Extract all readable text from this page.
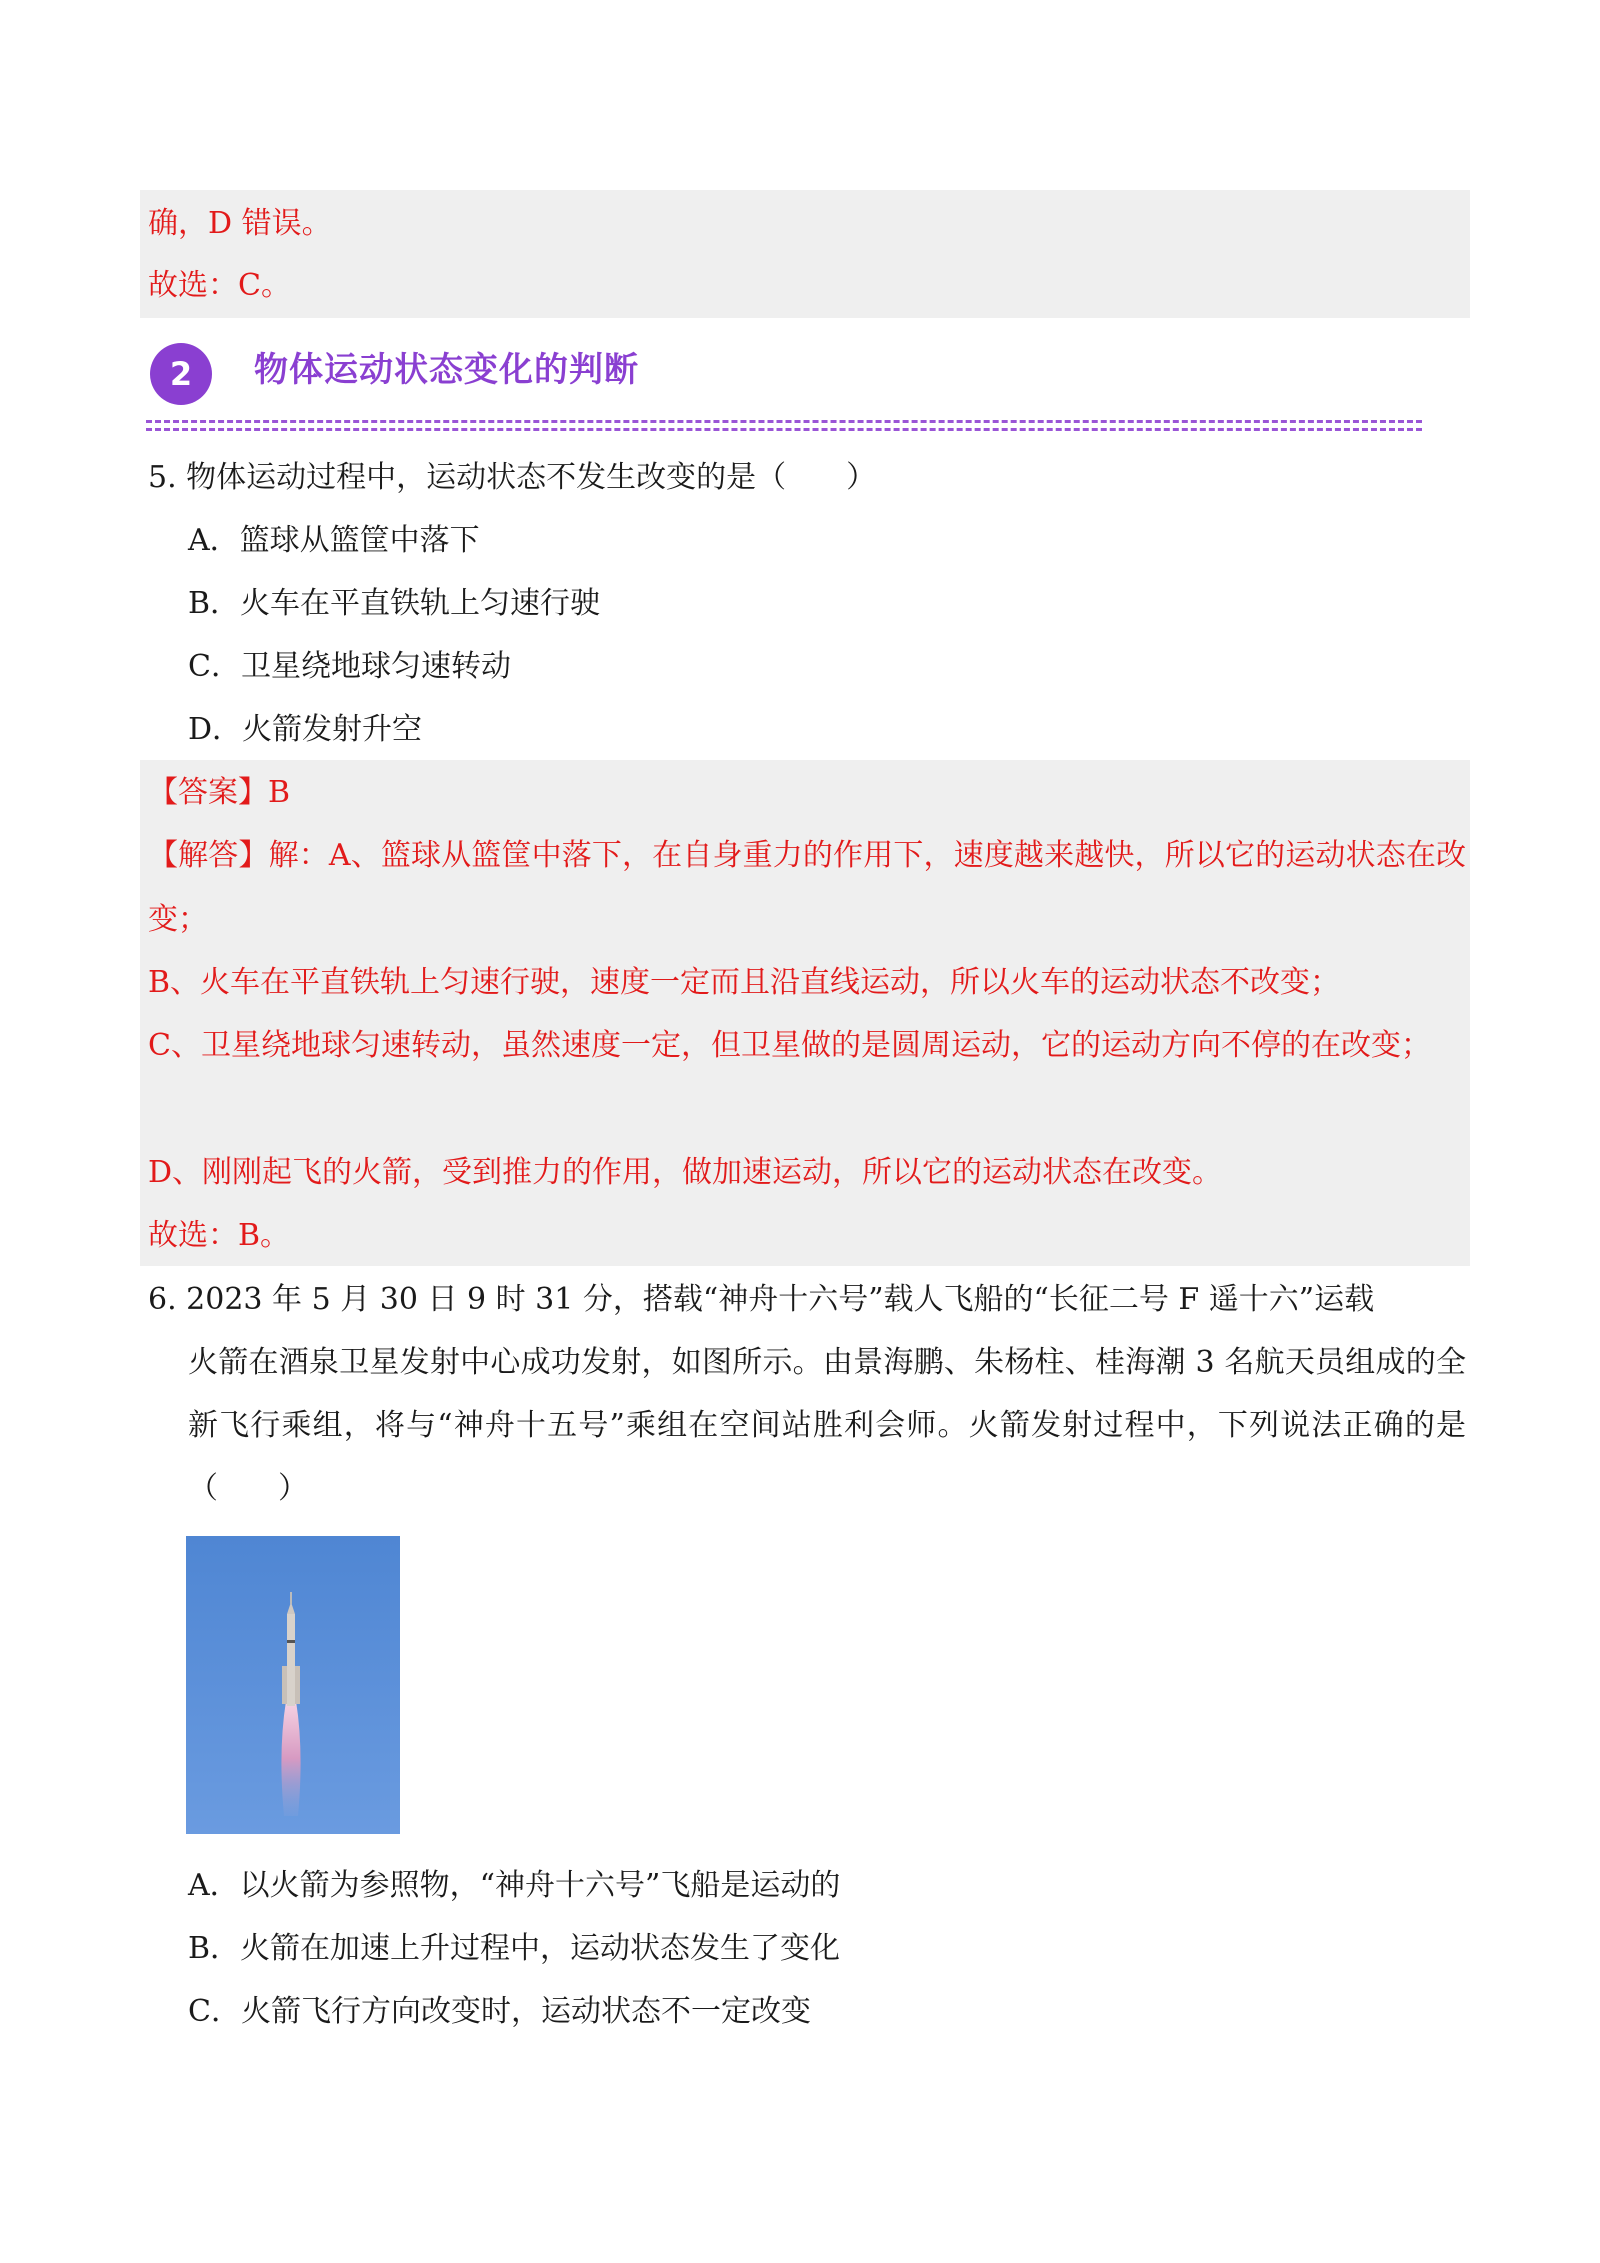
确，D 错误。
故选：C。
2	物体运动状态变化的判断
5. 物体运动过程中，运动状态不发生改变的是（　　）
A．篮球从篮筐中落下
B．火车在平直铁轨上匀速行驶
C．卫星绕地球匀速转动
D．火箭发射升空
【答案】B
【解答】解：A、篮球从篮筐中落下，在自身重力的作用下，速度越来越快，所以它的运动状态在改变；
B、火车在平直铁轨上匀速行驶，速度一定而且沿直线运动，所以火车的运动状态不改变；
C、卫星绕地球匀速转动，虽然速度一定，但卫星做的是圆周运动，它的运动方向不停的在改变；
D、刚刚起飞的火箭，受到推力的作用，做加速运动，所以它的运动状态在改变。
故选：B。
6. 2023 年 5 月 30 日 9 时 31 分，搭载“神舟十六号”载人飞船的“长征二号 F 遥十六”运载
火箭在酒泉卫星发射中心成功发射，如图所示。由景海鹏、朱杨柱、桂海潮 3 名航天员组成的全新飞行乘组，将与“神舟十五号”乘组在空间站胜利会师。火箭发射过程中，下列说法正确的是（　　）
A．以火箭为参照物，“神舟十六号”飞船是运动的
B．火箭在加速上升过程中，运动状态发生了变化
C．火箭飞行方向改变时，运动状态不一定改变
